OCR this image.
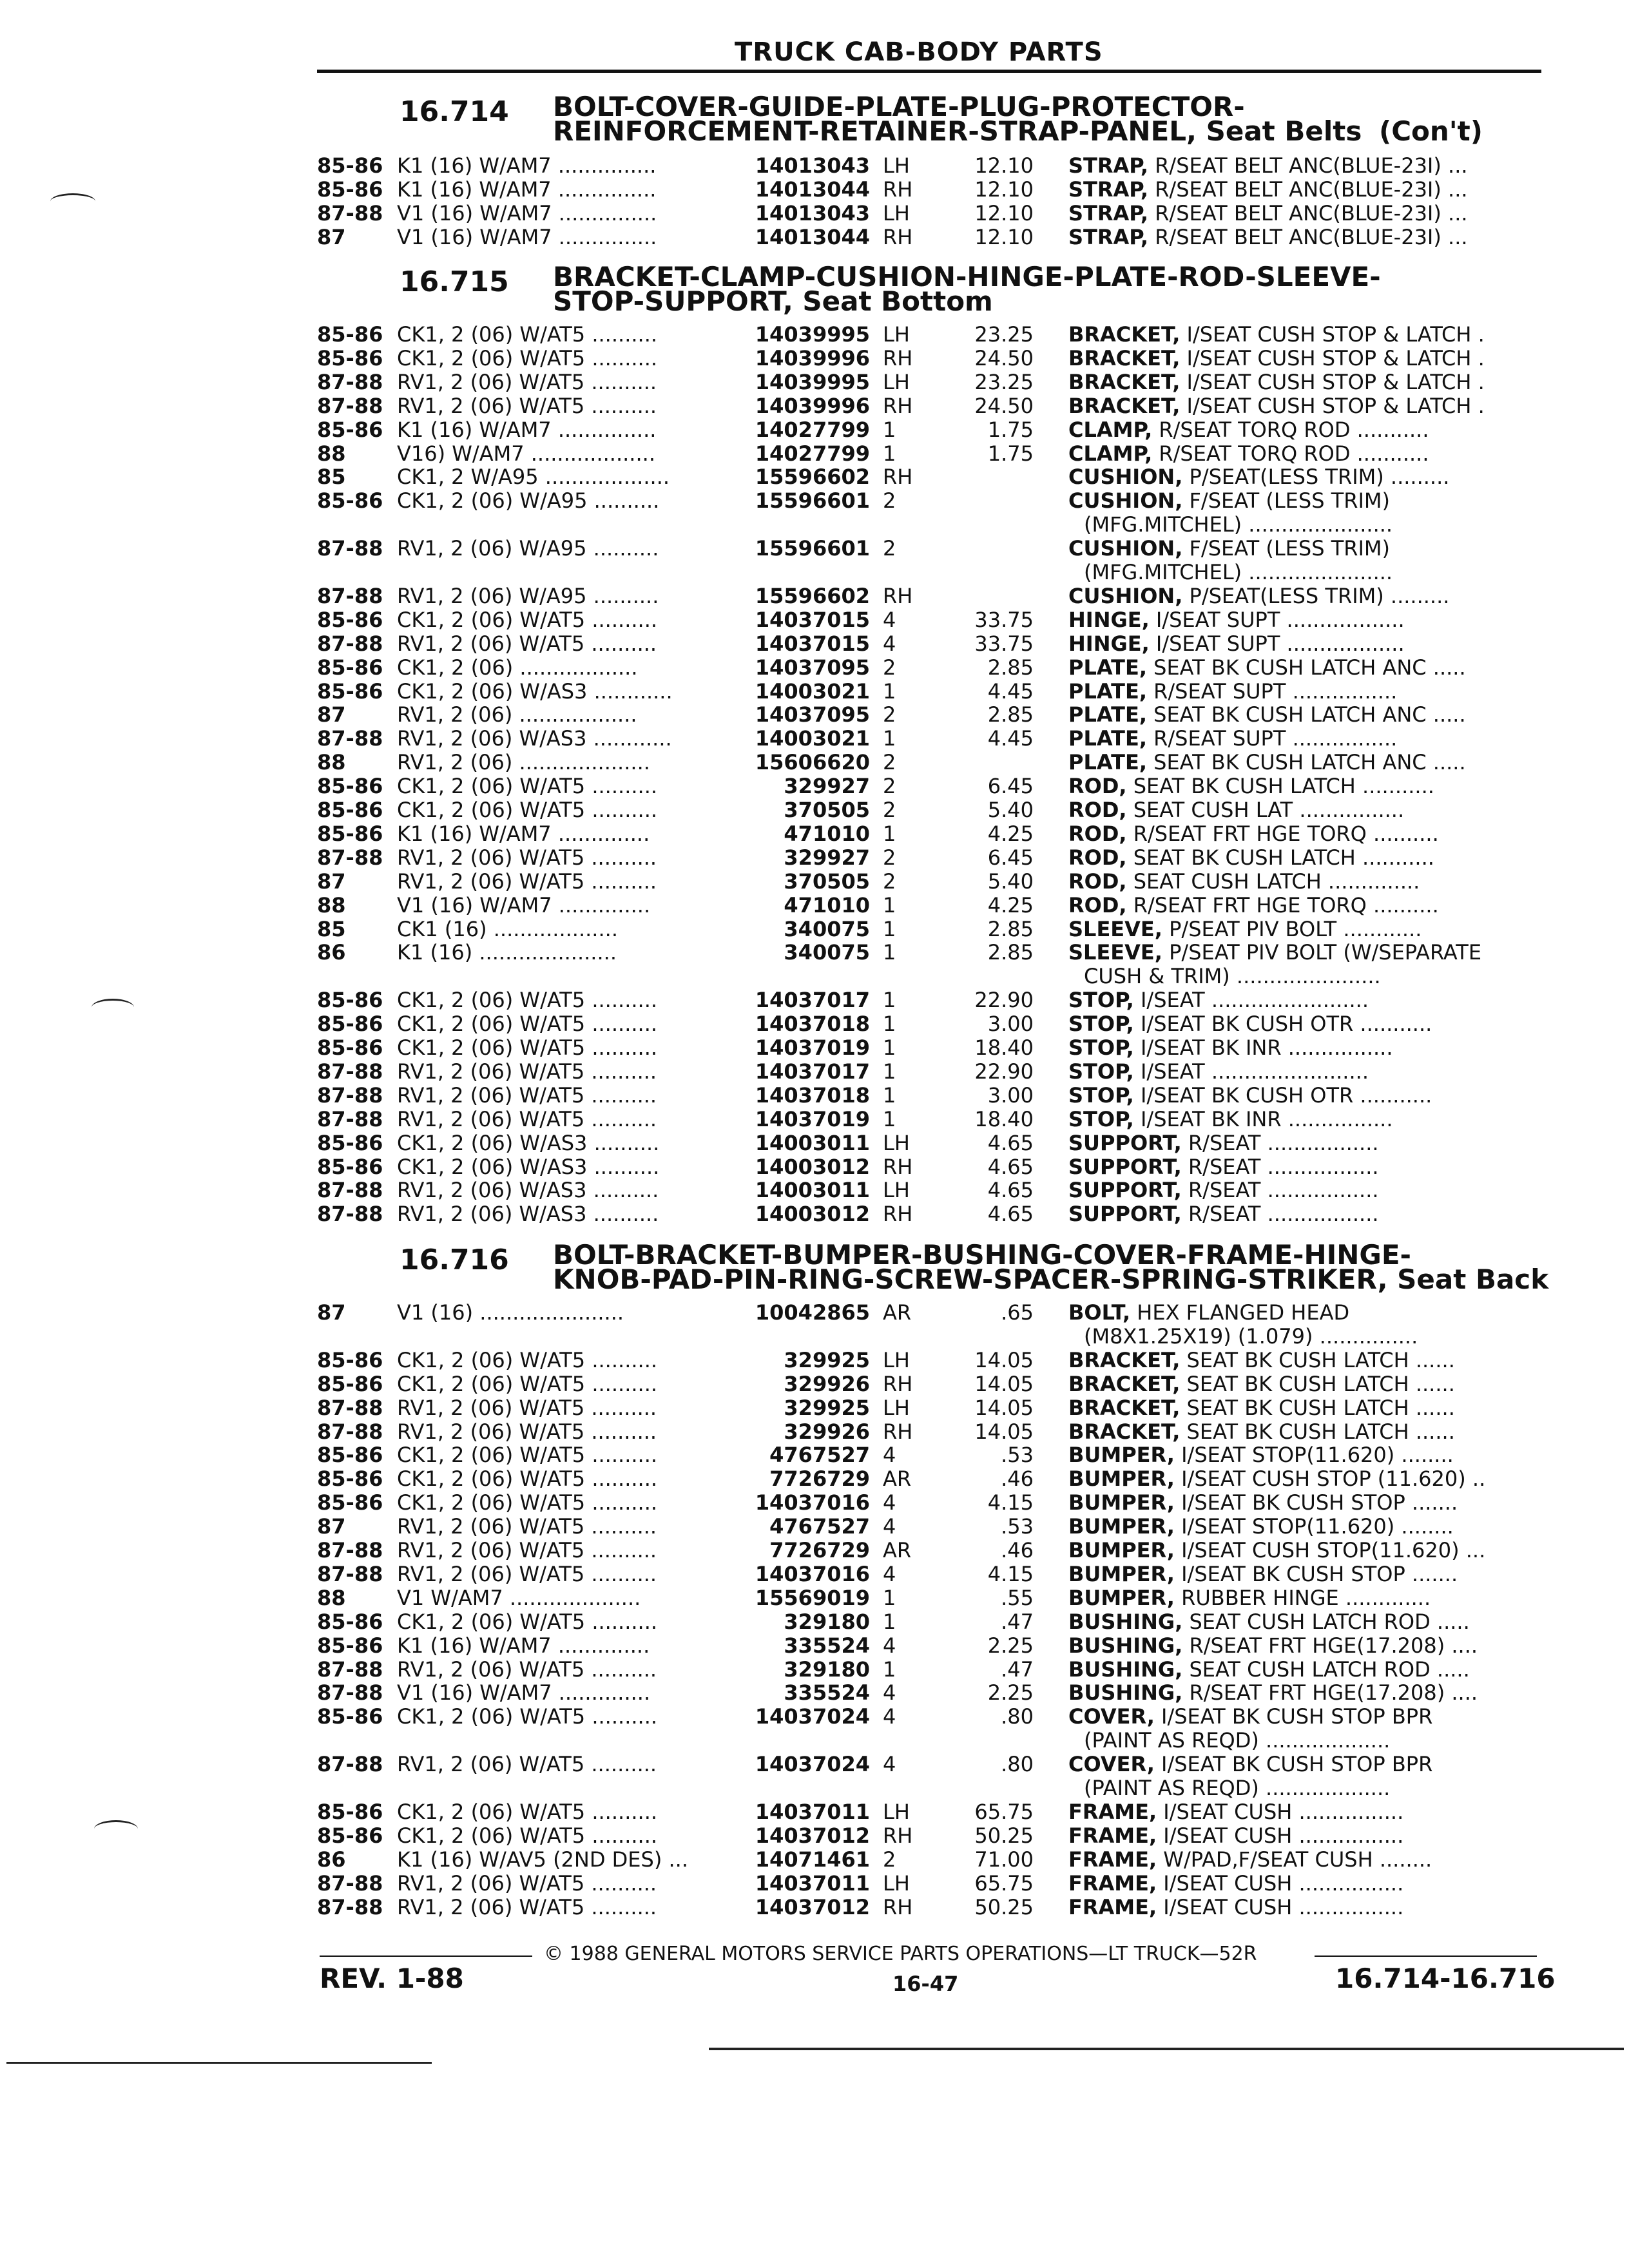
TRUCK CAB-BODY PARTS
16.714 BOLT-COVER-GUIDE-PLATE-PLUG-PROTECTOR-
REINFORCEMENT-RETAINER-STRAP-PANEL, Seat Belts (Con't)
85-86 K1 (16) W/AM7 ...............	14013043 LH	12.10 STRAP, R/SEAT BELT ANC(BLUE-23I) ...
85-86 K1 (16) W/AM7 ...............	14013044 RH	12.10 STRAP, R/SEAT BELT ANC(BLUE-23I) ...
87-88 V1 (16) W/AM7 ...............	14013043 LH	12.10 STRAP, R/SEAT BELT ANC(BLUE-23I) ...
87 V1 (16) W/AM7 ...............	14013044 RH	12.10 STRAP, R/SEAT BELT ANC(BLUE-23I) ...
16.715 BRACKET-CLAMP-CUSHION-HINGE-PLATE-ROD-SLEEVE-
STOP-SUPPORT, Seat Bottom
85-86 CK1, 2 (06) W/AT5 ..........	14039995 LH	23.25 BRACKET, I/SEAT CUSH STOP & LATCH .
85-86 CK1, 2 (06) W/AT5 ..........	14039996 RH	24.50 BRACKET, I/SEAT CUSH STOP & LATCH .
87-88 RV1, 2 (06) W/AT5 ..........	14039995 LH	23.25 BRACKET, I/SEAT CUSH STOP & LATCH .
87-88 RV1, 2 (06) W/AT5 ..........	14039996 RH	24.50 BRACKET, I/SEAT CUSH STOP & LATCH .
85-86 K1 (16) W/AM7 ...............	14027799 1	1.75 CLAMP, R/SEAT TORQ ROD ...........
88 V16) W/AM7 ...................	14027799 1	1.75 CLAMP, R/SEAT TORQ ROD ...........
85 CK1, 2 W/A95 ...................	15596602 RH	CUSHION, P/SEAT(LESS TRIM) .........
85-86 CK1, 2 (06) W/A95 ..........	15596601 2	CUSHION, F/SEAT (LESS TRIM)
(MFG.MITCHEL) ......................
87-88 RV1, 2 (06) W/A95 ..........	15596601 2	CUSHION, F/SEAT (LESS TRIM)
(MFG.MITCHEL) ......................
87-88 RV1, 2 (06) W/A95 ..........	15596602 RH	CUSHION, P/SEAT(LESS TRIM) .........
85-86 CK1, 2 (06) W/AT5 ..........	14037015 4	33.75 HINGE, I/SEAT SUPT ..................
87-88 RV1, 2 (06) W/AT5 ..........	14037015 4	33.75 HINGE, I/SEAT SUPT ..................
85-86 CK1, 2 (06) ..................	14037095 2	2.85 PLATE, SEAT BK CUSH LATCH ANC .....
85-86 CK1, 2 (06) W/AS3 ............	14003021 1	4.45 PLATE, R/SEAT SUPT ................
87 RV1, 2 (06) ..................	14037095 2	2.85 PLATE, SEAT BK CUSH LATCH ANC .....
87-88 RV1, 2 (06) W/AS3 ............	14003021 1	4.45 PLATE, R/SEAT SUPT ................
88 RV1, 2 (06) ....................	15606620 2	PLATE, SEAT BK CUSH LATCH ANC .....
85-86 CK1, 2 (06) W/AT5 ..........	329927 2	6.45 ROD, SEAT BK CUSH LATCH ...........
85-86 CK1, 2 (06) W/AT5 ..........	370505 2	5.40 ROD, SEAT CUSH LAT ................
85-86 K1 (16) W/AM7 ..............	471010 1	4.25 ROD, R/SEAT FRT HGE TORQ ..........
87-88 RV1, 2 (06) W/AT5 ..........	329927 2	6.45 ROD, SEAT BK CUSH LATCH ...........
87 RV1, 2 (06) W/AT5 ..........	370505 2	5.40 ROD, SEAT CUSH LATCH ..............
88 V1 (16) W/AM7 ..............	471010 1	4.25 ROD, R/SEAT FRT HGE TORQ ..........
85 CK1 (16) ...................	340075 1	2.85 SLEEVE, P/SEAT PIV BOLT ............
86 K1 (16) .....................	340075 1	2.85 SLEEVE, P/SEAT PIV BOLT (W/SEPARATE
CUSH & TRIM) ......................
85-86 CK1, 2 (06) W/AT5 ..........	14037017 1	22.90 STOP, I/SEAT ........................
85-86 CK1, 2 (06) W/AT5 ..........	14037018 1	3.00 STOP, I/SEAT BK CUSH OTR ...........
85-86 CK1, 2 (06) W/AT5 ..........	14037019 1	18.40 STOP, I/SEAT BK INR ................
87-88 RV1, 2 (06) W/AT5 ..........	14037017 1	22.90 STOP, I/SEAT ........................
87-88 RV1, 2 (06) W/AT5 ..........	14037018 1	3.00 STOP, I/SEAT BK CUSH OTR ...........
87-88 RV1, 2 (06) W/AT5 ..........	14037019 1	18.40 STOP, I/SEAT BK INR ................
85-86 CK1, 2 (06) W/AS3 ..........	14003011 LH	4.65 SUPPORT, R/SEAT .................
85-86 CK1, 2 (06) W/AS3 ..........	14003012 RH	4.65 SUPPORT, R/SEAT .................
87-88 RV1, 2 (06) W/AS3 ..........	14003011 LH	4.65 SUPPORT, R/SEAT .................
87-88 RV1, 2 (06) W/AS3 ..........	14003012 RH	4.65 SUPPORT, R/SEAT .................
16.716 BOLT-BRACKET-BUMPER-BUSHING-COVER-FRAME-HINGE-
KNOB-PAD-PIN-RING-SCREW-SPACER-SPRING-STRIKER, Seat Back
87 V1 (16) ......................	10042865 AR	.65 BOLT, HEX FLANGED HEAD
(M8X1.25X19) (1.079) ...............
85-86 CK1, 2 (06) W/AT5 ..........	329925 LH	14.05 BRACKET, SEAT BK CUSH LATCH ......
85-86 CK1, 2 (06) W/AT5 ..........	329926 RH	14.05 BRACKET, SEAT BK CUSH LATCH ......
87-88 RV1, 2 (06) W/AT5 ..........	329925 LH	14.05 BRACKET, SEAT BK CUSH LATCH ......
87-88 RV1, 2 (06) W/AT5 ..........	329926 RH	14.05 BRACKET, SEAT BK CUSH LATCH ......
85-86 CK1, 2 (06) W/AT5 ..........	4767527 4	.53 BUMPER, I/SEAT STOP(11.620) ........
85-86 CK1, 2 (06) W/AT5 ..........	7726729 AR	.46 BUMPER, I/SEAT CUSH STOP (11.620) ..
85-86 CK1, 2 (06) W/AT5 ..........	14037016 4	4.15 BUMPER, I/SEAT BK CUSH STOP .......
87 RV1, 2 (06) W/AT5 ..........	4767527 4	.53 BUMPER, I/SEAT STOP(11.620) ........
87-88 RV1, 2 (06) W/AT5 ..........	7726729 AR	.46 BUMPER, I/SEAT CUSH STOP(11.620) ...
87-88 RV1, 2 (06) W/AT5 ..........	14037016 4	4.15 BUMPER, I/SEAT BK CUSH STOP .......
88 V1 W/AM7 ....................	15569019 1	.55 BUMPER, RUBBER HINGE .............
85-86 CK1, 2 (06) W/AT5 ..........	329180 1	.47 BUSHING, SEAT CUSH LATCH ROD .....
85-86 K1 (16) W/AM7 ..............	335524 4	2.25 BUSHING, R/SEAT FRT HGE(17.208) ....
87-88 RV1, 2 (06) W/AT5 ..........	329180 1	.47 BUSHING, SEAT CUSH LATCH ROD .....
87-88 V1 (16) W/AM7 ..............	335524 4	2.25 BUSHING, R/SEAT FRT HGE(17.208) ....
85-86 CK1, 2 (06) W/AT5 ..........	14037024 4	.80 COVER, I/SEAT BK CUSH STOP BPR
(PAINT AS REQD) ...................
87-88 RV1, 2 (06) W/AT5 ..........	14037024 4	.80 COVER, I/SEAT BK CUSH STOP BPR
(PAINT AS REQD) ...................
85-86 CK1, 2 (06) W/AT5 ..........	14037011 LH	65.75 FRAME, I/SEAT CUSH ................
85-86 CK1, 2 (06) W/AT5 ..........	14037012 RH	50.25 FRAME, I/SEAT CUSH ................
86 K1 (16) W/AV5 (2ND DES) ...	14071461 2	71.00 FRAME, W/PAD,F/SEAT CUSH ........
87-88 RV1, 2 (06) W/AT5 ..........	14037011 LH	65.75 FRAME, I/SEAT CUSH ................
87-88 RV1, 2 (06) W/AT5 ..........	14037012 RH	50.25 FRAME, I/SEAT CUSH ................
© 1988 GENERAL MOTORS SERVICE PARTS OPERATIONS—LT TRUCK—52R
REV. 1-88	16-47	16.714-16.716
